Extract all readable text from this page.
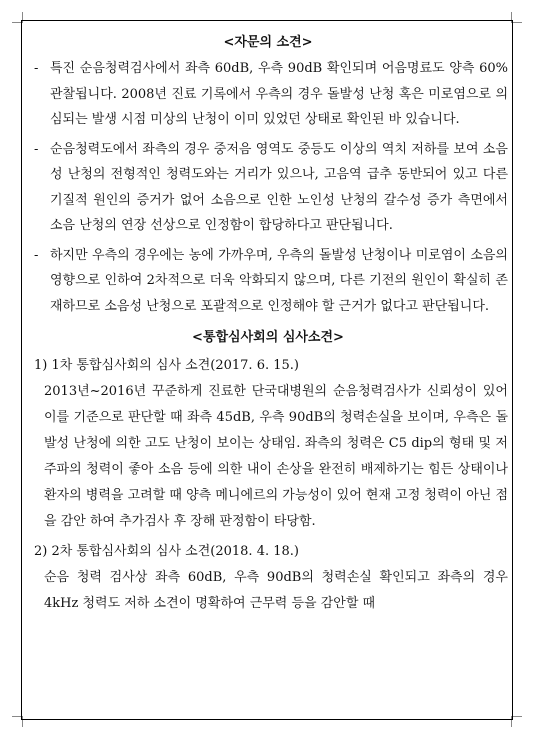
<자문의 소견>
- 특진 순음청력검사에서 좌측 60dB, 우측 90dB 확인되며 어음명료도 양측 60% 관찰됩니다. 2008년 진료 기록에서 우측의 경우 돌발성 난청 혹은 미로염으로 의심되는 발생 시점 미상의 난청이 이미 있었던 상태로 확인된 바 있습니다.
- 순음청력도에서 좌측의 경우 중저음 영역도 중등도 이상의 역치 저하를 보여 소음성 난청의 전형적인 청력도와는 거리가 있으나, 고음역 급추 동반되어 있고 다른 기질적 원인의 증거가 없어 소음으로 인한 노인성 난청의 갈수성 증가 측면에서 소음 난청의 연장 선상으로 인정함이 합당하다고 판단됩니다.
- 하지만 우측의 경우에는 농에 가까우며, 우측의 돌발성 난청이나 미로염이 소음의 영향으로 인하여 2차적으로 더욱 악화되지 않으며, 다른 기전의 원인이 확실히 존재하므로 소음성 난청으로 포괄적으로 인정해야 할 근거가 없다고 판단됩니다.
<통합심사회의 심사소견>
1) 1차 통합심사회의 심사 소견(2017. 6. 15.)
2013년~2016년 꾸준하게 진료한 단국대병원의 순음청력검사가 신뢰성이 있어 이를 기준으로 판단할 때 좌측 45dB, 우측 90dB의 청력손실을 보이며, 우측은 돌발성 난청에 의한 고도 난청이 보이는 상태임. 좌측의 청력은 C5 dip의 형태 및 저주파의 청력이 좋아 소음 등에 의한 내이 손상을 완전히 배제하기는 힘든 상태이나 환자의 병력을 고려할 때 양측 메니에르의 가능성이 있어 현재 고정 청력이 아닌 점을 감안 하여 추가검사 후 장해 판정함이 타당함.
2) 2차 통합심사회의 심사 소견(2018. 4. 18.)
순음 청력 검사상 좌측 60dB, 우측 90dB의 청력손실 확인되고 좌측의 경우 4kHz 청력도 저하 소견이 명확하여 근무력 등을 감안할 때
